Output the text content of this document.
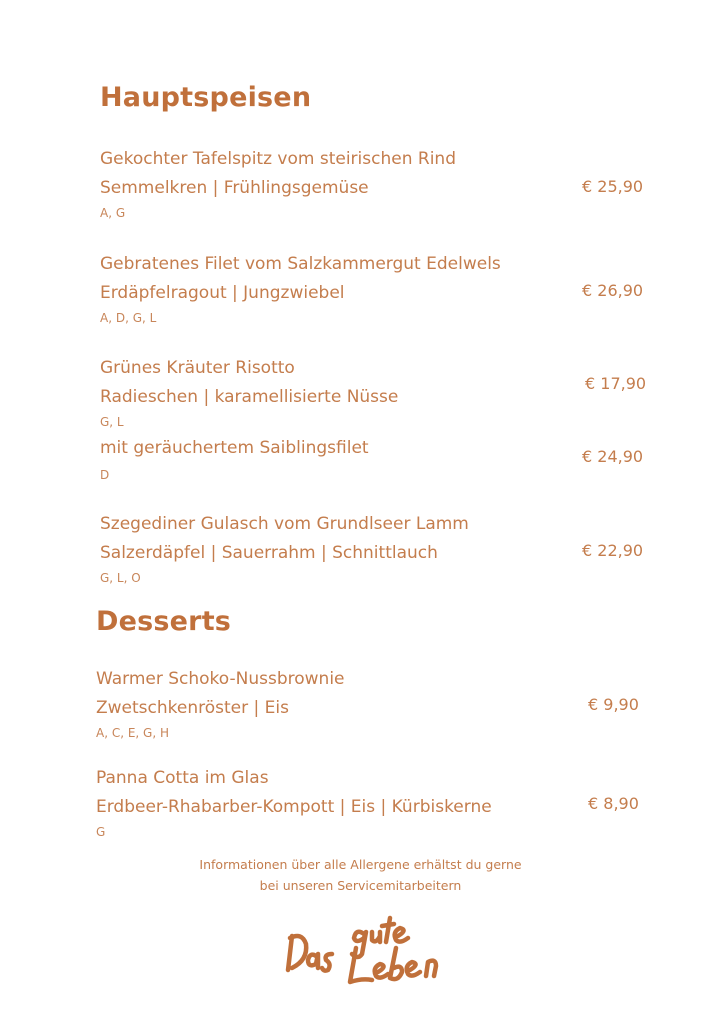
Hauptspeisen
Gekochter Tafelspitz vom steirischen Rind
Semmelkren | Frühlingsgemüse
A, G
€ 25,90
Gebratenes Filet vom Salzkammergut Edelwels
Erdäpfelragout | Jungzwiebel
A, D, G, L
€ 26,90
Grünes Kräuter Risotto
Radieschen | karamellisierte Nüsse
G, L
€ 17,90
mit geräuchertem Saiblingsfilet
D
€ 24,90
Szegediner Gulasch vom Grundlseer Lamm
Salzerdäpfel | Sauerrahm | Schnittlauch
G, L, O
€ 22,90
Desserts
Warmer Schoko-Nussbrownie
Zwetschkenröster | Eis
A, C, E, G, H
€ 9,90
Panna Cotta im Glas
Erdbeer-Rhabarber-Kompott | Eis | Kürbiskerne
G
€ 8,90
Informationen über alle Allergene erhältst du gerne
bei unseren Servicemitarbeitern
